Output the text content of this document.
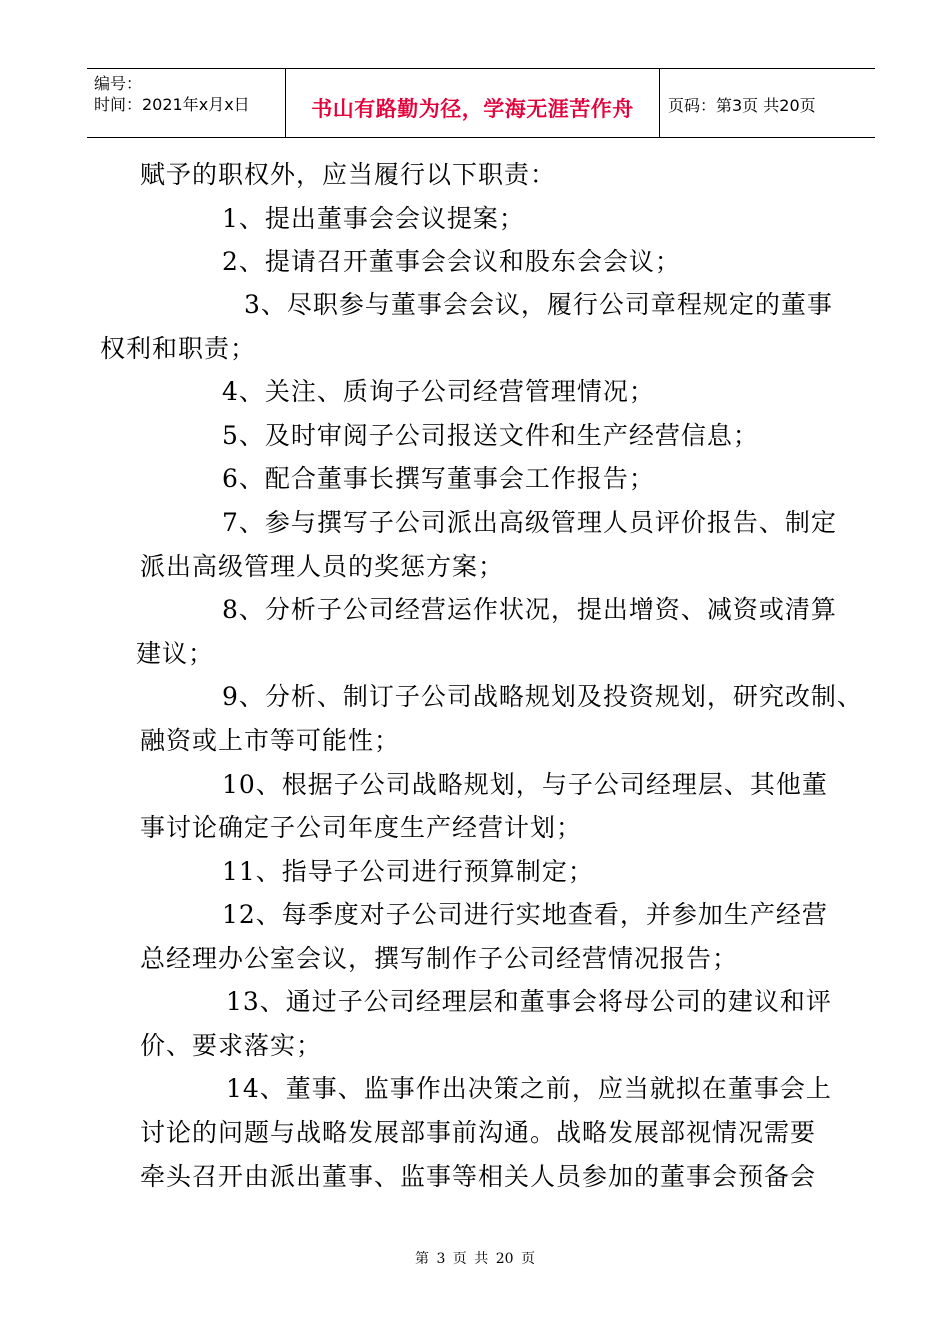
编号：
时间：2021年x月x日	书山有路勤为径，学海无涯苦作舟	页码：第3页 共20页
赋予的职权外，应当履行以下职责：
1、提出董事会会议提案；
2、提请召开董事会会议和股东会会议；
3、尽职参与董事会会议，履行公司章程规定的董事
权利和职责；
4、关注、质询子公司经营管理情况；
5、及时审阅子公司报送文件和生产经营信息；
6、配合董事长撰写董事会工作报告；
7、参与撰写子公司派出高级管理人员评价报告、制定
派出高级管理人员的奖惩方案；
8、分析子公司经营运作状况，提出增资、减资或清算
建议；
9、分析、制订子公司战略规划及投资规划，研究改制、
融资或上市等可能性；
10、根据子公司战略规划，与子公司经理层、其他董
事讨论确定子公司年度生产经营计划；
11、指导子公司进行预算制定；
12、每季度对子公司进行实地查看，并参加生产经营
总经理办公室会议，撰写制作子公司经营情况报告；
13、通过子公司经理层和董事会将母公司的建议和评
价、要求落实；
14、董事、监事作出决策之前，应当就拟在董事会上
讨论的问题与战略发展部事前沟通。战略发展部视情况需要
牵头召开由派出董事、监事等相关人员参加的董事会预备会
第 3 页 共 20 页
